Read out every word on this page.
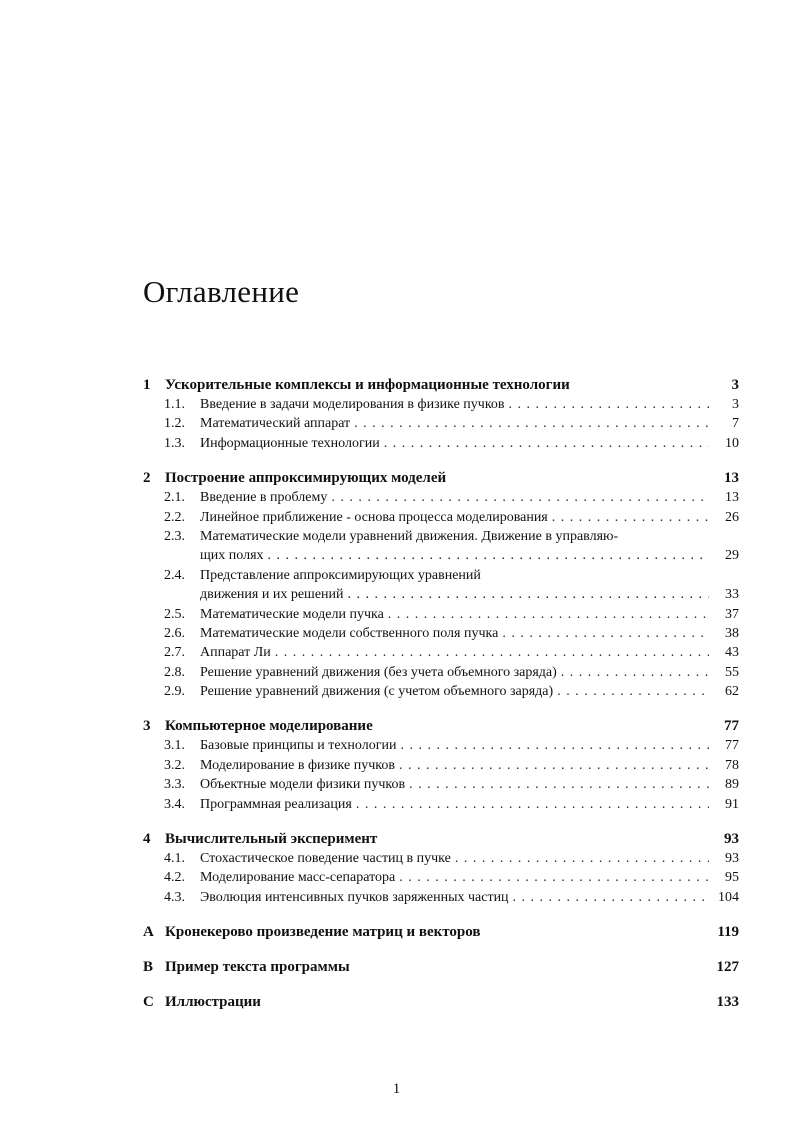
Оглавление
1 Ускорительные комплексы и информационные технологии	3
1.1.	Введение в задачи моделирования в физике пучков . . .	3
1.2.	Математический аппарат . . .	7
1.3.	Информационные технологии . . .	10
2 Построение аппроксимирующих моделей	13
2.1.	Введение в проблему . . .	13
2.2.	Линейное приближение - основа процесса моделирования . . .	26
2.3.	Математические модели уравнений движения. Движение в управляю-
щих полях . . .	29
2.4.	Представление аппроксимирующих уравнений
движения и их решений . . .	33
2.5.	Математические модели пучка . . .	37
2.6.	Математические модели собственного поля пучка . . .	38
2.7.	Аппарат Ли . . .	43
2.8.	Решение уравнений движения (без учета объемного заряда) . . .	55
2.9.	Решение уравнений движения (с учетом объемного заряда) . . .	62
3 Компьютерное моделирование	77
3.1.	Базовые принципы и технологии . . .	77
3.2.	Моделирование в физике пучков . . .	78
3.3.	Объектные модели физики пучков . . .	89
3.4.	Программная реализация . . .	91
4 Вычислительный эксперимент	93
4.1.	Стохастическое поведение частиц в пучке . . .	93
4.2.	Моделирование масс-сепаратора . . .	95
4.3.	Эволюция интенсивных пучков заряженных частиц . . .	104
A Кронекерово произведение матриц и векторов	119
B Пример текста программы	127
C Иллюстрации	133
1
